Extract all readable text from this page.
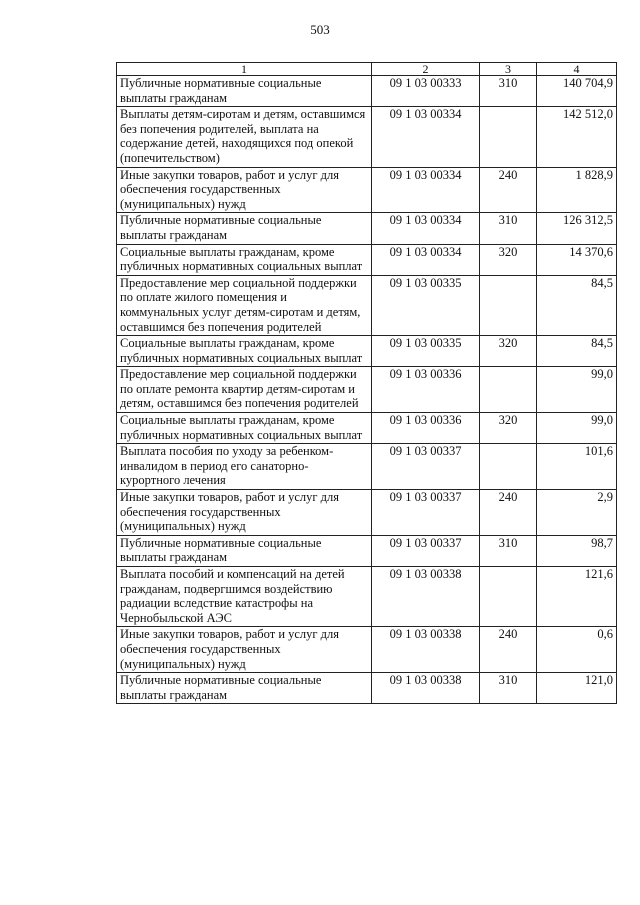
503
1	2	3	4
Публичные нормативные социальные выплаты гражданам	09 1 03 00333	310	140 704,9
Выплаты детям-сиротам и детям, оставшимся без попечения родителей, выплата на содержание детей, находящихся под опекой (попечительством)	09 1 03 00334		142 512,0
Иные закупки товаров, работ и услуг для обеспечения государственных (муниципальных) нужд	09 1 03 00334	240	1 828,9
Публичные нормативные социальные выплаты гражданам	09 1 03 00334	310	126 312,5
Социальные выплаты гражданам, кроме публичных нормативных социальных выплат	09 1 03 00334	320	14 370,6
Предоставление мер социальной поддержки по оплате жилого помещения и коммунальных услуг детям-сиротам и детям, оставшимся без попечения родителей	09 1 03 00335		84,5
Социальные выплаты гражданам, кроме публичных нормативных социальных выплат	09 1 03 00335	320	84,5
Предоставление мер социальной поддержки по оплате ремонта квартир детям-сиротам и детям, оставшимся без попечения родителей	09 1 03 00336		99,0
Социальные выплаты гражданам, кроме публичных нормативных социальных выплат	09 1 03 00336	320	99,0
Выплата пособия по уходу за ребенком-инвалидом в период его санаторно-курортного лечения	09 1 03 00337		101,6
Иные закупки товаров, работ и услуг для обеспечения государственных (муниципальных) нужд	09 1 03 00337	240	2,9
Публичные нормативные социальные выплаты гражданам	09 1 03 00337	310	98,7
Выплата пособий и компенсаций на детей гражданам, подвергшимся воздействию радиации вследствие катастрофы на Чернобыльской АЭС	09 1 03 00338		121,6
Иные закупки товаров, работ и услуг для обеспечения государственных (муниципальных) нужд	09 1 03 00338	240	0,6
Публичные нормативные социальные выплаты гражданам	09 1 03 00338	310	121,0
